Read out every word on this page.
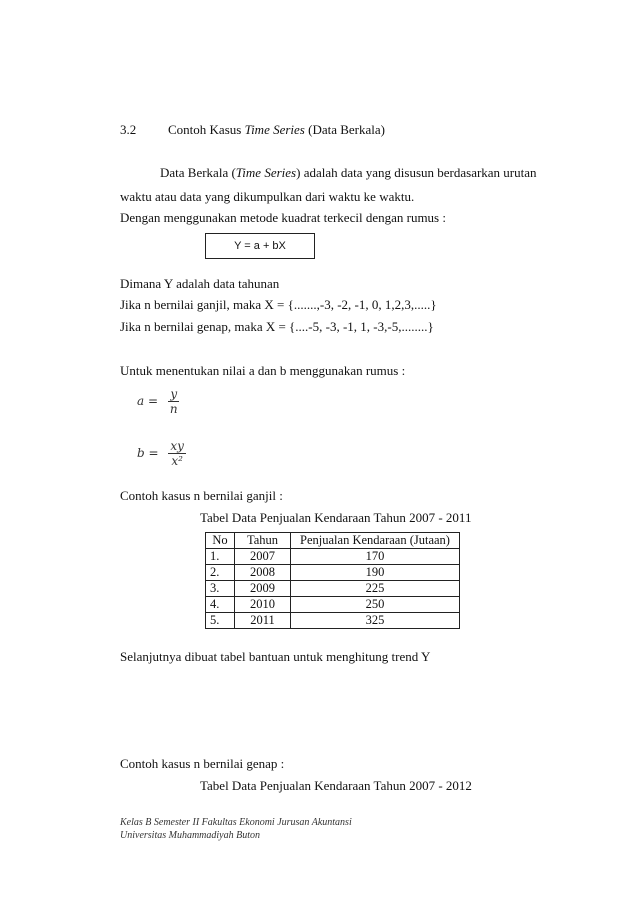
3.2 Contoh Kasus Time Series (Data Berkala)
Data Berkala (Time Series) adalah data yang disusun berdasarkan urutan
waktu atau data yang dikumpulkan dari waktu ke waktu.
Dengan menggunakan metode kuadrat terkecil dengan rumus :
Y = a + bX
Dimana Y adalah data tahunan
Jika n bernilai ganjil, maka X = {.......,-3, -2, -1, 0, 1,2,3,.....}
Jika n bernilai genap, maka X = {....-5, -3, -1, 1, -3,-5,........}
Untuk menentukan nilai a dan b menggunakan rumus :
$a = \frac{y}{n}$
$b = \frac{xy}{\text{x²}}$
Contoh kasus n bernilai ganjil :
Tabel Data Penjualan Kendaraan Tahun 2007 - 2011
No	Tahun	Penjualan Kendaraan (Jutaan)
1.	2007	170
2.	2008	190
3.	2009	225
4.	2010	250
5.	2011	325
Selanjutnya dibuat tabel bantuan untuk menghitung trend Y
Contoh kasus n bernilai genap :
Tabel Data Penjualan Kendaraan Tahun 2007 - 2012
Kelas B Semester II Fakultas Ekonomi Jurusan Akuntansi
Universitas Muhammadiyah Buton
